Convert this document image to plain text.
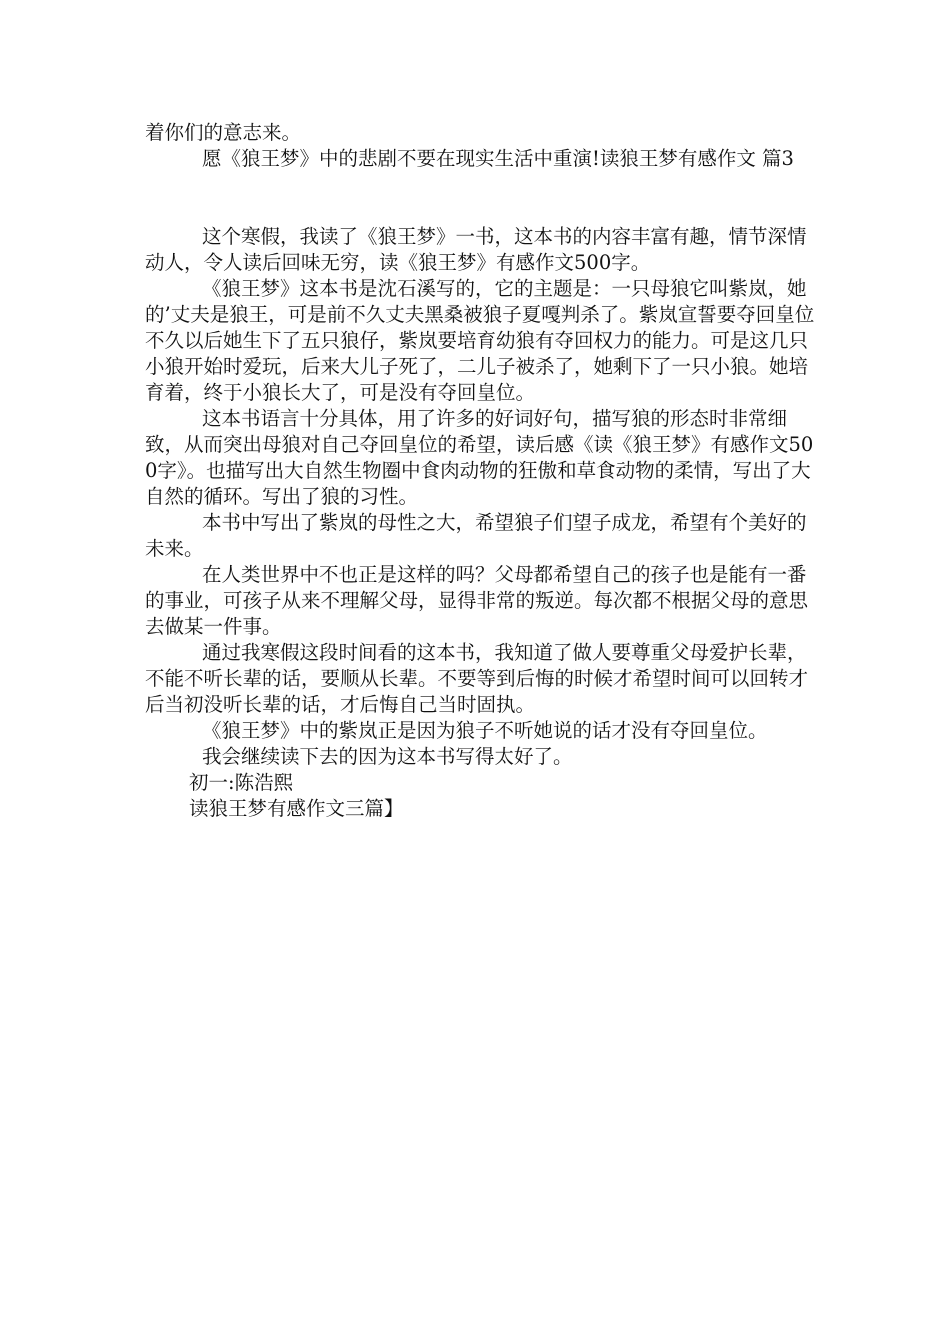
着你们的意志来。

愿《狼王梦》中的悲剧不要在现实生活中重演!读狼王梦有感作文 篇3

这个寒假，我读了《狼王梦》一书，这本书的内容丰富有趣，情节深情动人，令人读后回味无穷，读《狼王梦》有感作文500字。

《狼王梦》这本书是沈石溪写的，它的主题是：一只母狼它叫紫岚，她的’丈夫是狼王，可是前不久丈夫黑桑被狼子夏嘎判杀了。紫岚宣誓要夺回皇位不久以后她生下了五只狼仔，紫岚要培育幼狼有夺回权力的能力。可是这几只小狼开始时爱玩，后来大儿子死了，二儿子被杀了，她剩下了一只小狼。她培育着，终于小狼长大了，可是没有夺回皇位。

这本书语言十分具体，用了许多的好词好句，描写狼的形态时非常细致，从而突出母狼对自己夺回皇位的希望，读后感《读《狼王梦》有感作文500字》。也描写出大自然生物圈中食肉动物的狂傲和草食动物的柔情，写出了大自然的循环。写出了狼的习性。

本书中写出了紫岚的母性之大，希望狼子们望子成龙，希望有个美好的未来。

在人类世界中不也正是这样的吗？父母都希望自己的孩子也是能有一番的事业，可孩子从来不理解父母，显得非常的叛逆。每次都不根据父母的意思去做某一件事。

通过我寒假这段时间看的这本书，我知道了做人要尊重父母爱护长辈，不能不听长辈的话，要顺从长辈。不要等到后悔的时候才希望时间可以回转才后当初没听长辈的话，才后悔自己当时固执。

《狼王梦》中的紫岚正是因为狼子不听她说的话才没有夺回皇位。

我会继续读下去的因为这本书写得太好了。

初一:陈浩熙

读狼王梦有感作文三篇】
